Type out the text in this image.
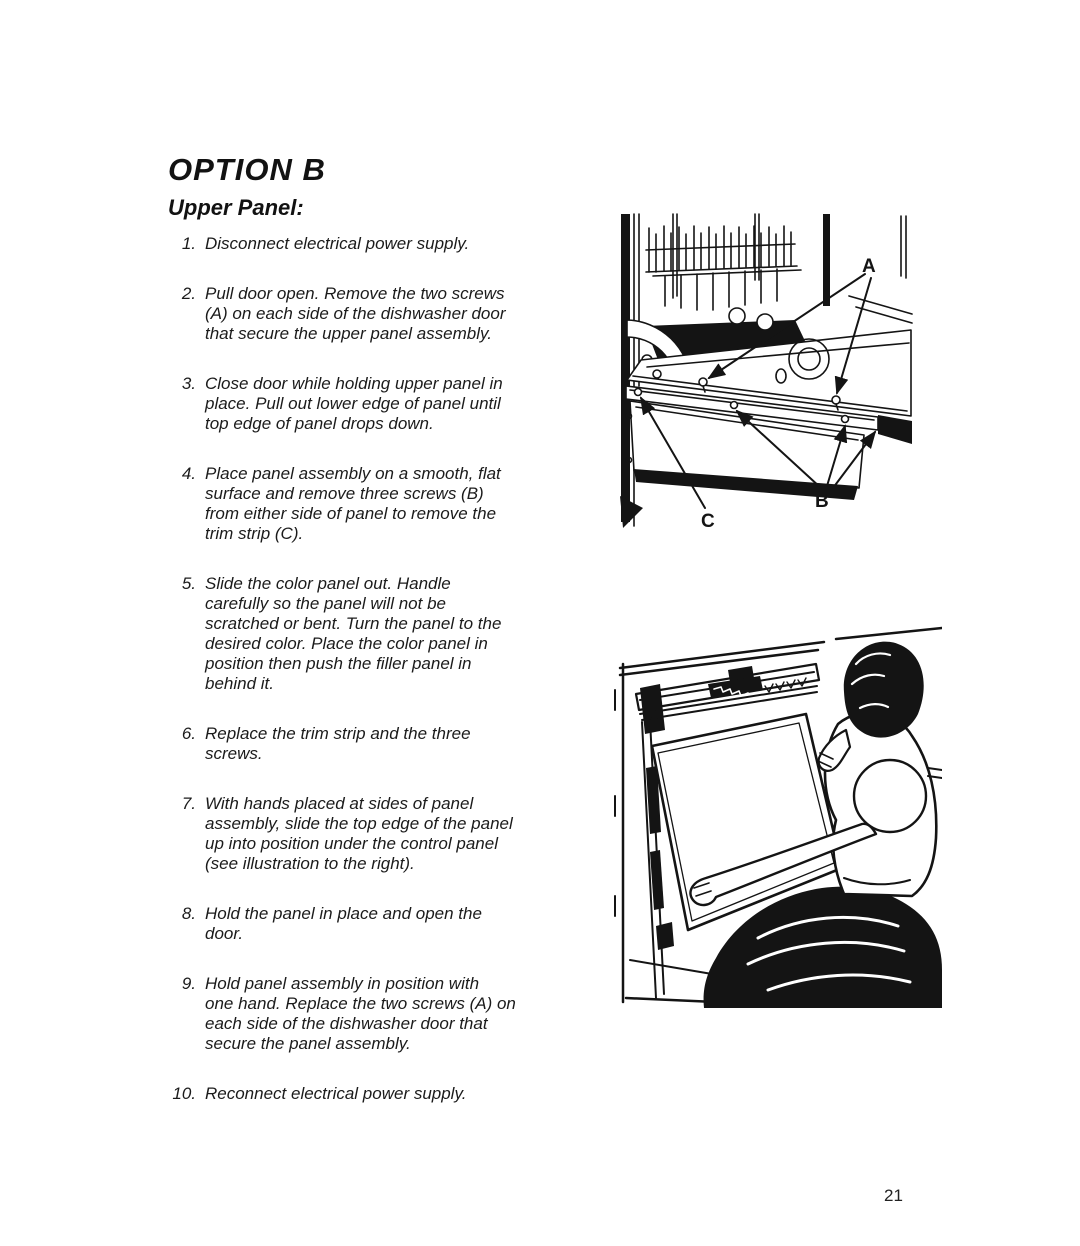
OPTION B
Upper Panel:
1. Disconnect electrical power supply.
2. Pull door open. Remove the two screws
(A) on each side of the dishwasher door
that secure the upper panel assembly.
3. Close door while holding upper panel in
place. Pull out lower edge of panel until
top edge of panel drops down.
4. Place panel assembly on a smooth, flat
surface and remove three screws (B)
from either side of panel to remove the
trim strip (C).
5. Slide the color panel out. Handle
carefully so the panel will not be
scratched or bent. Turn the panel to the
desired color. Place the color panel in
position then push the filler panel in
behind it.
6. Replace the trim strip and the three
screws.
7. With hands placed at sides of panel
assembly, slide the top edge of the panel
up into position under the control panel
(see illustration to the right).
8. Hold the panel in place and open the
door.
9. Hold panel assembly in position with
one hand. Replace the two screws (A) on
each side of the dishwasher door that
secure the panel assembly.
10. Reconnect electrical power supply.
A
B
C
21
